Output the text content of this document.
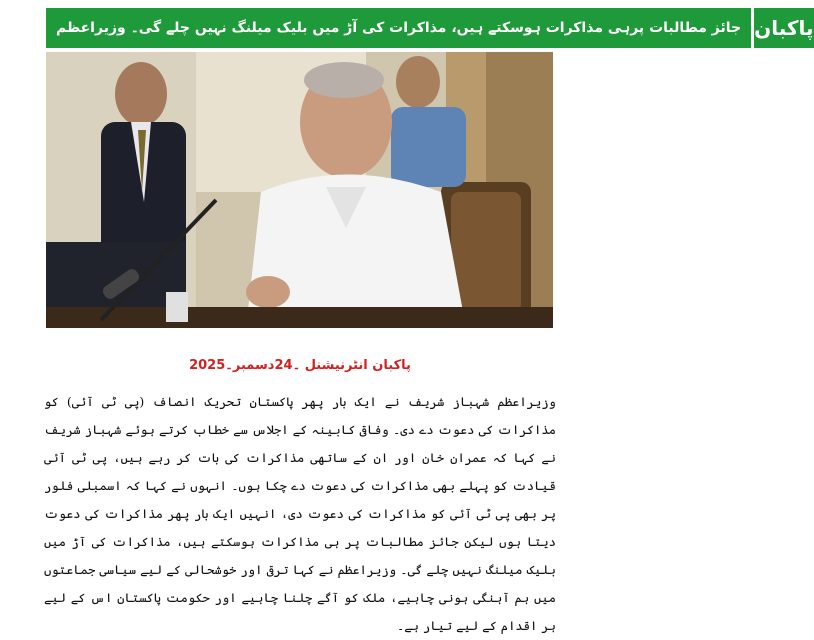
جائز مطالبات پرہی مذاکرات ہوسکتے ہیں، مذاکرات کی آڑ میں بلیک میلنگ نہیں چلے گی۔ وزیراعظم پاکبان
پاکبان انٹرنیشنل ۔24دسمبر۔2025

وزیراعظم شہباز شریف نے ایک بار پھر پاکستان تحریک انصاف (پی ٹی آئی) کو مذاکرات کی دعوت دے دی۔ وفاقی کابینہ کے اجلاس سے خطاب کرتے ہوئے شہباز شریف نے کہا کہ عمران خان اور ان کے ساتھی مذاکرات کی بات کر رہے ہیں، پی ٹی آئی قیادت کو پہلے بھی مذاکرات کی دعوت دے چکا ہوں۔ انہوں نے کہا کہ اسمبلی فلور پر بھی پی ٹی آئی کو مذاکرات کی دعوت دی، انہیں ایک بار پھر مذاکرات کی دعوت دیتا ہوں لیکن جائز مطالبات پر ہی مذاکرات ہوسکتے ہیں، مذاکرات کی آڑ میں بلیک میلنگ نہیں چلے گی۔ وزیراعظم نے کہا ترقی اور خوشحالی کے لیے سیاسی جماعتوں میں ہم آہنگی ہونی چاہیے، ملک کو آگے چلنا چاہیے اور حکومت پاکستان اس کے لیے ہر اقدام کے لیے تیار ہے۔
